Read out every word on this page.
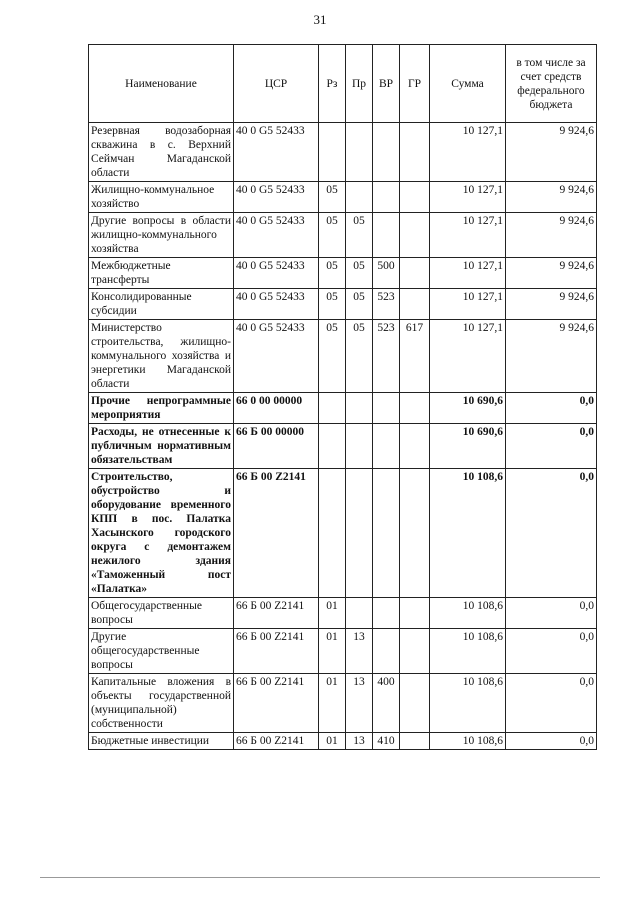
31
Наименование	ЦСР	Рз	Пр	ВР	ГР	Сумма	в том числе за счет средств федерального бюджета
Резервная водозаборная скважина в с. Верхний Сеймчан Магаданской области	40 0 G5 52433					10 127,1	9 924,6
Жилищно-коммунальное хозяйство	40 0 G5 52433	05				10 127,1	9 924,6
Другие вопросы в области жилищно-коммунального хозяйства	40 0 G5 52433	05	05			10 127,1	9 924,6
Межбюджетные трансферты	40 0 G5 52433	05	05	500		10 127,1	9 924,6
Консолидированные субсидии	40 0 G5 52433	05	05	523		10 127,1	9 924,6
Министерство строительства, жилищно-коммунального хозяйства и энергетики Магаданской области	40 0 G5 52433	05	05	523	617	10 127,1	9 924,6
Прочие непрограммные мероприятия	66 0 00 00000					10 690,6	0,0
Расходы, не отнесенные к публичным нормативным обязательствам	66 Б 00 00000					10 690,6	0,0
Строительство, обустройство и оборудование временного КПП в пос. Палатка Хасынского городского округа с демонтажем нежилого здания «Таможенный пост «Палатка»	66 Б 00 Z2141					10 108,6	0,0
Общегосударственные вопросы	66 Б 00 Z2141	01				10 108,6	0,0
Другие общегосударственные вопросы	66 Б 00 Z2141	01	13			10 108,6	0,0
Капитальные вложения в объекты государственной (муниципальной) собственности	66 Б 00 Z2141	01	13	400		10 108,6	0,0
Бюджетные инвестиции	66 Б 00 Z2141	01	13	410		10 108,6	0,0
